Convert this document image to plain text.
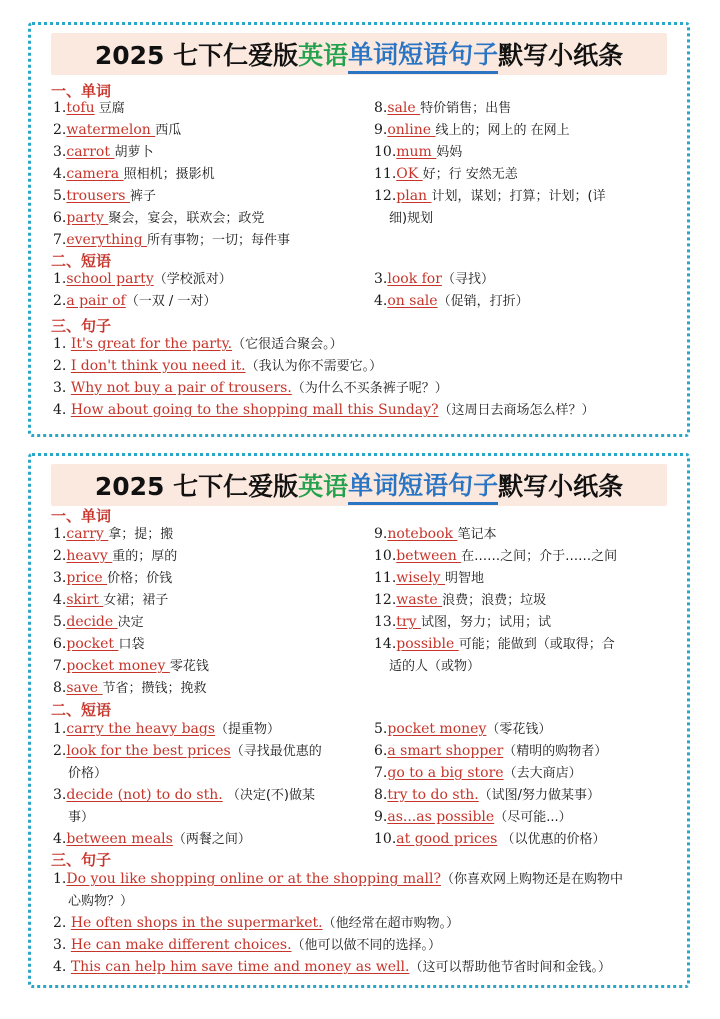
2025 七下仁爱版 英语 单词短语句子 默写小纸条
一、单词
二、短语
三、句子
1.tofu 豆腐
2.watermelon 西瓜
3.carrot 胡萝卜
4.camera 照相机；摄影机
5.trousers 裤子
6.party 聚会，宴会，联欢会；政党
7.everything 所有事物；一切；每件事
8.sale 特价销售；出售
9.online 线上的；网上的 在网上
10.mum 妈妈
11.OK 好；行 安然无恙
12.plan 计划，谋划；打算；计划；(详
细)规划
1.school party（学校派对）
2.a pair of（一双 / 一对）
3.look for（寻找）
4.on sale（促销，打折）
1. It's great for the party.（它很适合聚会。）
2. I don't think you need it.（我认为你不需要它。）
3. Why not buy a pair of trousers.（为什么不买条裤子呢？）
4. How about going to the shopping mall this Sunday?（这周日去商场怎么样？）
2025 七下仁爱版 英语 单词短语句子 默写小纸条
一、单词
二、短语
三、句子
1.carry 拿；提；搬
2.heavy 重的；厚的
3.price 价格；价钱
4.skirt 女裙；裙子
5.decide 决定
6.pocket 口袋
7.pocket money 零花钱
8.save 节省；攒钱；挽救
9.notebook 笔记本
10.between 在……之间；介于……之间
11.wisely 明智地
12.waste 浪费；浪费；垃圾
13.try 试图，努力；试用；试
14.possible 可能；能做到（或取得；合
适的人（或物）
1.carry the heavy bags（提重物）
2.look for the best prices（寻找最优惠的
价格）
3.decide (not) to do sth. （决定(不)做某
事）
4.between meals（两餐之间）
5.pocket money（零花钱）
6.a smart shopper（精明的购物者）
7.go to a big store（去大商店）
8.try to do sth.（试图/努力做某事）
9.as...as possible（尽可能...）
10.at good prices （以优惠的价格）
1.Do you like shopping online or at the shopping mall?（你喜欢网上购物还是在购物中
心购物？）
2. He often shops in the supermarket.（他经常在超市购物。）
3. He can make different choices.（他可以做不同的选择。）
4. This can help him save time and money as well.（这可以帮助他节省时间和金钱。）
